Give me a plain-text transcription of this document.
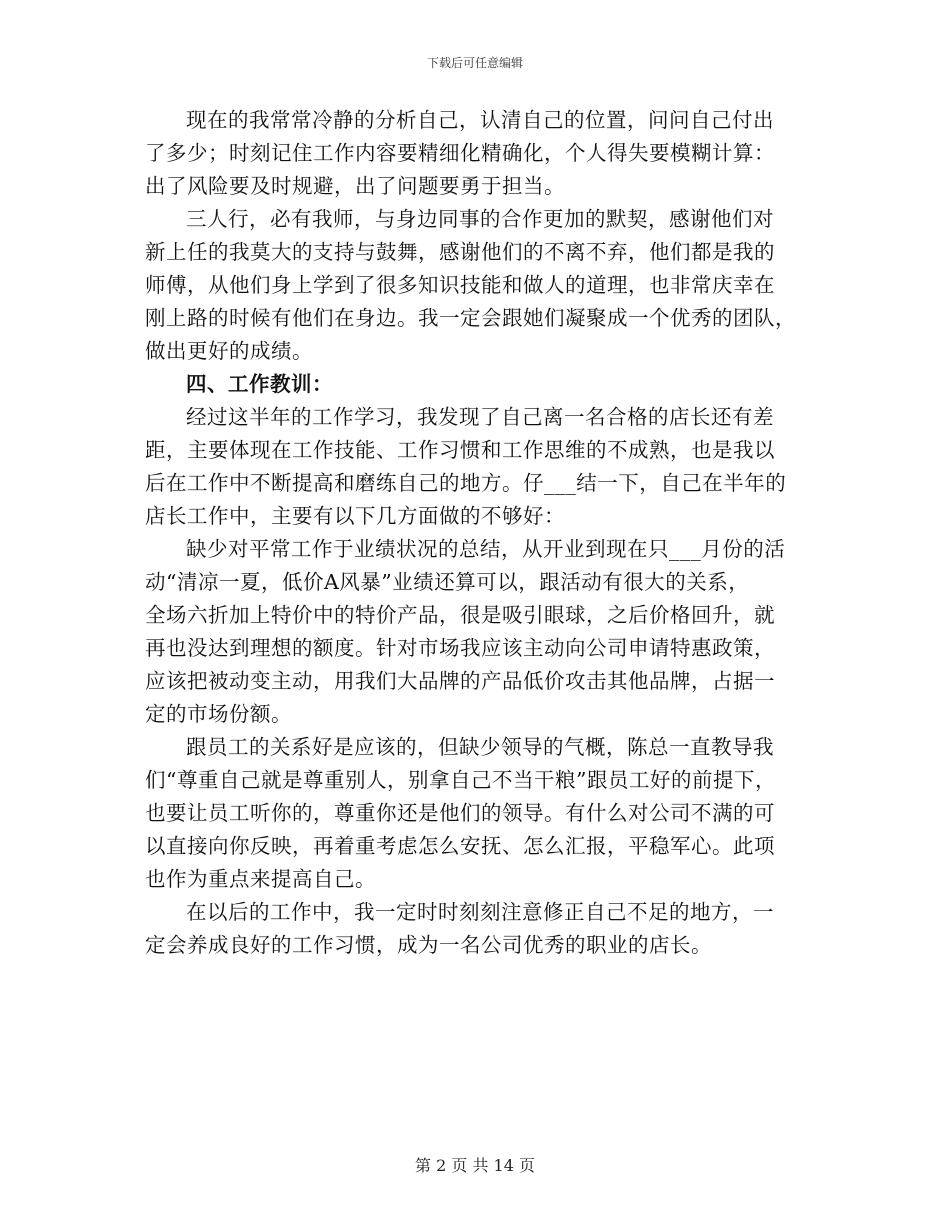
下载后可任意编辑
现在的我常常冷静的分析自己，认清自己的位置，问问自己付出
了多少；时刻记住工作内容要精细化精确化，个人得失要模糊计算：
出了风险要及时规避，出了问题要勇于担当。
三人行，必有我师，与身边同事的合作更加的默契，感谢他们对
新上任的我莫大的支持与鼓舞，感谢他们的不离不弃，他们都是我的
师傅，从他们身上学到了很多知识技能和做人的道理，也非常庆幸在
刚上路的时候有他们在身边。我一定会跟她们凝聚成一个优秀的团队，
做出更好的成绩。
四、工作教训：
经过这半年的工作学习，我发现了自己离一名合格的店长还有差
距，主要体现在工作技能、工作习惯和工作思维的不成熟，也是我以
后在工作中不断提高和磨练自己的地方。仔___结一下，自己在半年的
店长工作中，主要有以下几方面做的不够好：
缺少对平常工作于业绩状况的总结，从开业到现在只___月份的活
动“清凉一夏，低价A风暴”业绩还算可以，跟活动有很大的关系，
全场六折加上特价中的特价产品，很是吸引眼球，之后价格回升，就
再也没达到理想的额度。针对市场我应该主动向公司申请特惠政策，
应该把被动变主动，用我们大品牌的产品低价攻击其他品牌，占据一
定的市场份额。
跟员工的关系好是应该的，但缺少领导的气概，陈总一直教导我
们“尊重自己就是尊重别人，别拿自己不当干粮”跟员工好的前提下，
也要让员工听你的，尊重你还是他们的领导。有什么对公司不满的可
以直接向你反映，再着重考虑怎么安抚、怎么汇报，平稳军心。此项
也作为重点来提高自己。
在以后的工作中，我一定时时刻刻注意修正自己不足的地方，一
定会养成良好的工作习惯，成为一名公司优秀的职业的店长。
第 2 页 共 14 页
